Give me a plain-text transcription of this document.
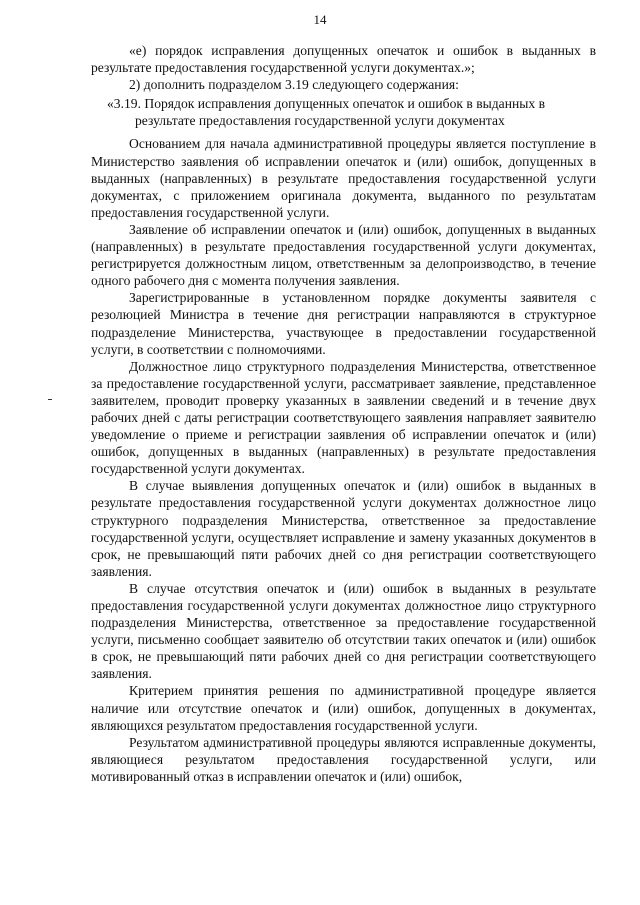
14

«е) порядок исправления допущенных опечаток и ошибок в выданных в результате предоставления государственной услуги документах.»;

2) дополнить подразделом 3.19 следующего содержания:

«3.19. Порядок исправления допущенных опечаток и ошибок в выданных в
результате предоставления государственной услуги документах

Основанием для начала административной процедуры является поступление в Министерство заявления об исправлении опечаток и (или) ошибок, допущенных в выданных (направленных) в результате предоставления государственной услуги документах, с приложением оригинала документа, выданного по результатам предоставления государственной услуги.

Заявление об исправлении опечаток и (или) ошибок, допущенных в выданных (направленных) в результате предоставления государственной услуги документах, регистрируется должностным лицом, ответственным за делопроизводство, в течение одного рабочего дня с момента получения заявления.

Зарегистрированные в установленном порядке документы заявителя с резолюцией Министра в течение дня регистрации направляются в структурное подразделение Министерства, участвующее в предоставлении государственной услуги, в соответствии с полномочиями.

Должностное лицо структурного подразделения Министерства, ответственное за предоставление государственной услуги, рассматривает заявление, представленное заявителем, проводит проверку указанных в заявлении сведений и в течение двух рабочих дней с даты регистрации соответствующего заявления направляет заявителю уведомление о приеме и регистрации заявления об исправлении опечаток и (или) ошибок, допущенных в выданных (направленных) в результате предоставления государственной услуги документах.

В случае выявления допущенных опечаток и (или) ошибок в выданных в результате предоставления государственной услуги документах должностное лицо структурного подразделения Министерства, ответственное за предоставление государственной услуги, осуществляет исправление и замену указанных документов в срок, не превышающий пяти рабочих дней со дня регистрации соответствующего заявления.

В случае отсутствия опечаток и (или) ошибок в выданных в результате предоставления государственной услуги документах должностное лицо структурного подразделения Министерства, ответственное за предоставление государственной услуги, письменно сообщает заявителю об отсутствии таких опечаток и (или) ошибок в срок, не превышающий пяти рабочих дней со дня регистрации соответствующего заявления.

Критерием принятия решения по административной процедуре является наличие или отсутствие опечаток и (или) ошибок, допущенных в документах, являющихся результатом предоставления государственной услуги.

Результатом административной процедуры являются исправленные документы, являющиеся результатом предоставления государственной услуги, или мотивированный отказ в исправлении опечаток и (или) ошибок,
